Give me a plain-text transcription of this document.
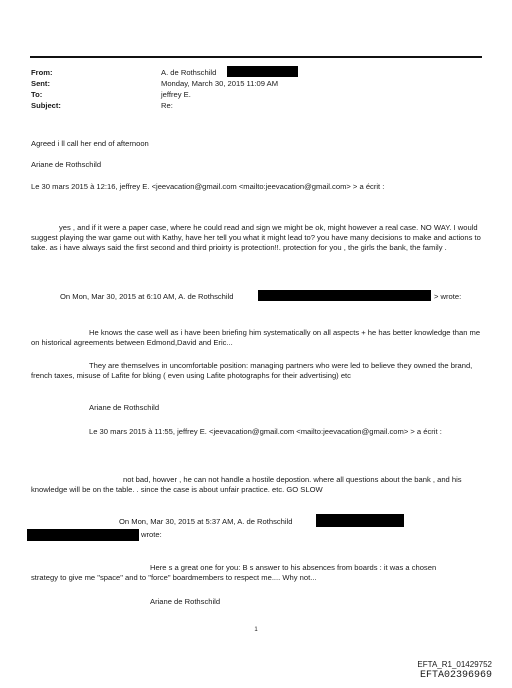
From:
Sent:
To:
Subject:
A. de Rothschild
Monday, March 30, 2015 11:09 AM
jeffrey E.
Re:
Agreed i ll call her end of afternoon
Ariane de Rothschild
Le 30 mars 2015 à 12:16, jeffrey E. <jeevacation@gmail.com <mailto:jeevacation@gmail.com> > a écrit :
yes , and if it were a paper case, where he could read and sign we might be ok, might however a real case. NO WAY. I would suggest playing the war game out with Kathy, have her tell you what it might lead to? you have many decisions to make and actions to take. as i have always said the first second and third prioirty is protection!!. protection for you , the girls the bank, the family .
On Mon, Mar 30, 2015 at 6:10 AM, A. de Rothschild	> wrote:
He knows the case well as i have been briefing him systematically on all aspects + he has better knowledge than me on historical agreements between Edmond,David and Eric...
They are themselves in uncomfortable position: managing partners who were led to believe they owned the brand, french taxes, misuse of Lafite for bking ( even using Lafite photographs for their advertising) etc
Ariane de Rothschild
Le 30 mars 2015 à 11:55, jeffrey E. <jeevacation@gmail.com <mailto:jeevacation@gmail.com> > a écrit :
not bad, howver , he can not handle a hostile depostion. where all questions about the bank , and his knowledge will be on the table. . since the case is about unfair practice. etc. GO SLOW
On Mon, Mar 30, 2015 at 5:37 AM, A. de Rothschild
wrote:
Here s a great one for you: B s answer to his absences from boards : it was a chosen strategy to give me "space" and to "force" boardmembers to respect me.... Why not...
Ariane de Rothschild
1
EFTA_R1_01429752
EFTA02396969
